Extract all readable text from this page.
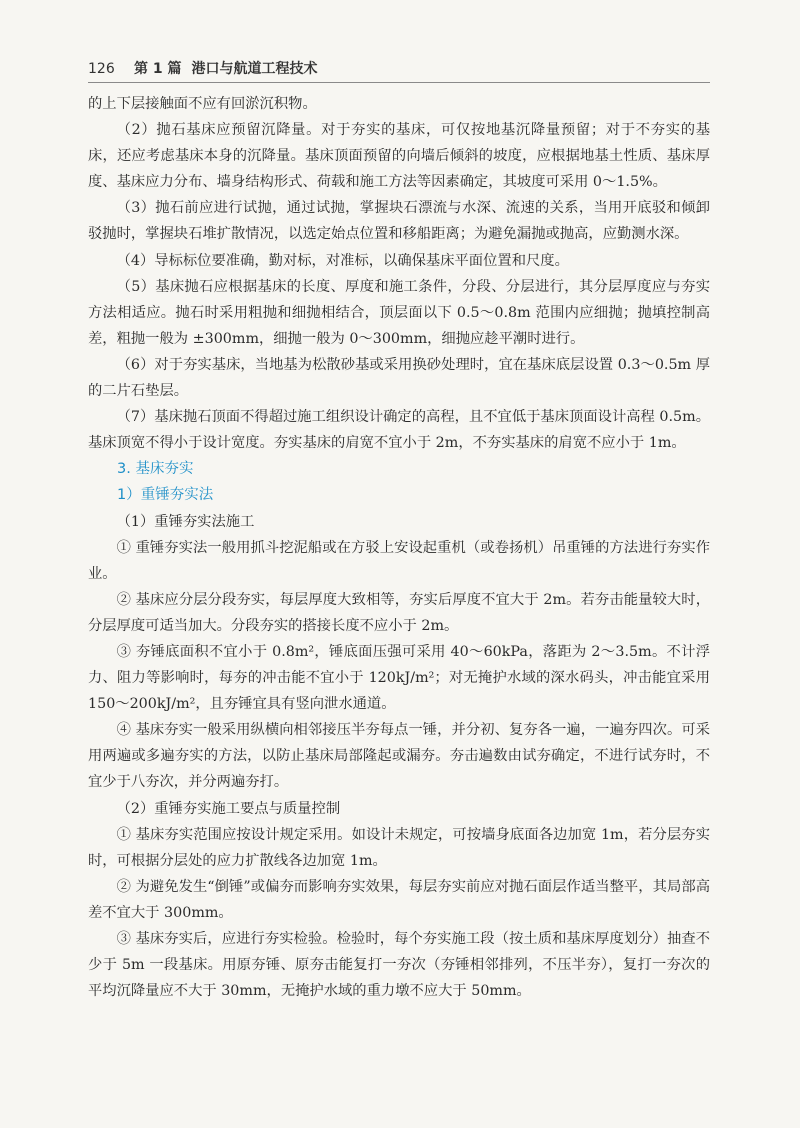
126	第 1 篇 港口与航道工程技术

的上下层接触面不应有回淤沉积物。

（2）抛石基床应预留沉降量。对于夯实的基床，可仅按地基沉降量预留；对于不夯实的基床，还应考虑基床本身的沉降量。基床顶面预留的向墙后倾斜的坡度，应根据地基土性质、基床厚度、基床应力分布、墙身结构形式、荷载和施工方法等因素确定，其坡度可采用 0～1.5%。

（3）抛石前应进行试抛，通过试抛，掌握块石漂流与水深、流速的关系，当用开底驳和倾卸驳抛时，掌握块石堆扩散情况，以选定始点位置和移船距离；为避免漏抛或抛高，应勤测水深。

（4）导标标位要准确，勤对标，对准标，以确保基床平面位置和尺度。

（5）基床抛石应根据基床的长度、厚度和施工条件，分段、分层进行，其分层厚度应与夯实方法相适应。抛石时采用粗抛和细抛相结合，顶层面以下 0.5～0.8m 范围内应细抛；抛填控制高差，粗抛一般为 ±300mm，细抛一般为 0～300mm，细抛应趁平潮时进行。

（6）对于夯实基床，当地基为松散砂基或采用换砂处理时，宜在基床底层设置 0.3～0.5m 厚的二片石垫层。

（7）基床抛石顶面不得超过施工组织设计确定的高程，且不宜低于基床顶面设计高程 0.5m。基床顶宽不得小于设计宽度。夯实基床的肩宽不宜小于 2m，不夯实基床的肩宽不应小于 1m。

3. 基床夯实

1）重锤夯实法

（1）重锤夯实法施工

① 重锤夯实法一般用抓斗挖泥船或在方驳上安设起重机（或卷扬机）吊重锤的方法进行夯实作业。

② 基床应分层分段夯实，每层厚度大致相等，夯实后厚度不宜大于 2m。若夯击能量较大时，分层厚度可适当加大。分段夯实的搭接长度不应小于 2m。

③ 夯锤底面积不宜小于 0.8m²，锤底面压强可采用 40～60kPa，落距为 2～3.5m。不计浮力、阻力等影响时，每夯的冲击能不宜小于 120kJ/m²；对无掩护水域的深水码头，冲击能宜采用 150～200kJ/m²，且夯锤宜具有竖向泄水通道。

④ 基床夯实一般采用纵横向相邻接压半夯每点一锤，并分初、复夯各一遍，一遍夯四次。可采用两遍或多遍夯实的方法，以防止基床局部隆起或漏夯。夯击遍数由试夯确定，不进行试夯时，不宜少于八夯次，并分两遍夯打。

（2）重锤夯实施工要点与质量控制

① 基床夯实范围应按设计规定采用。如设计未规定，可按墙身底面各边加宽 1m，若分层夯实时，可根据分层处的应力扩散线各边加宽 1m。

② 为避免发生“倒锤”或偏夯而影响夯实效果，每层夯实前应对抛石面层作适当整平，其局部高差不宜大于 300mm。

③ 基床夯实后，应进行夯实检验。检验时，每个夯实施工段（按土质和基床厚度划分）抽查不少于 5m 一段基床。用原夯锤、原夯击能复打一夯次（夯锤相邻排列，不压半夯），复打一夯次的平均沉降量应不大于 30mm，无掩护水域的重力墩不应大于 50mm。
